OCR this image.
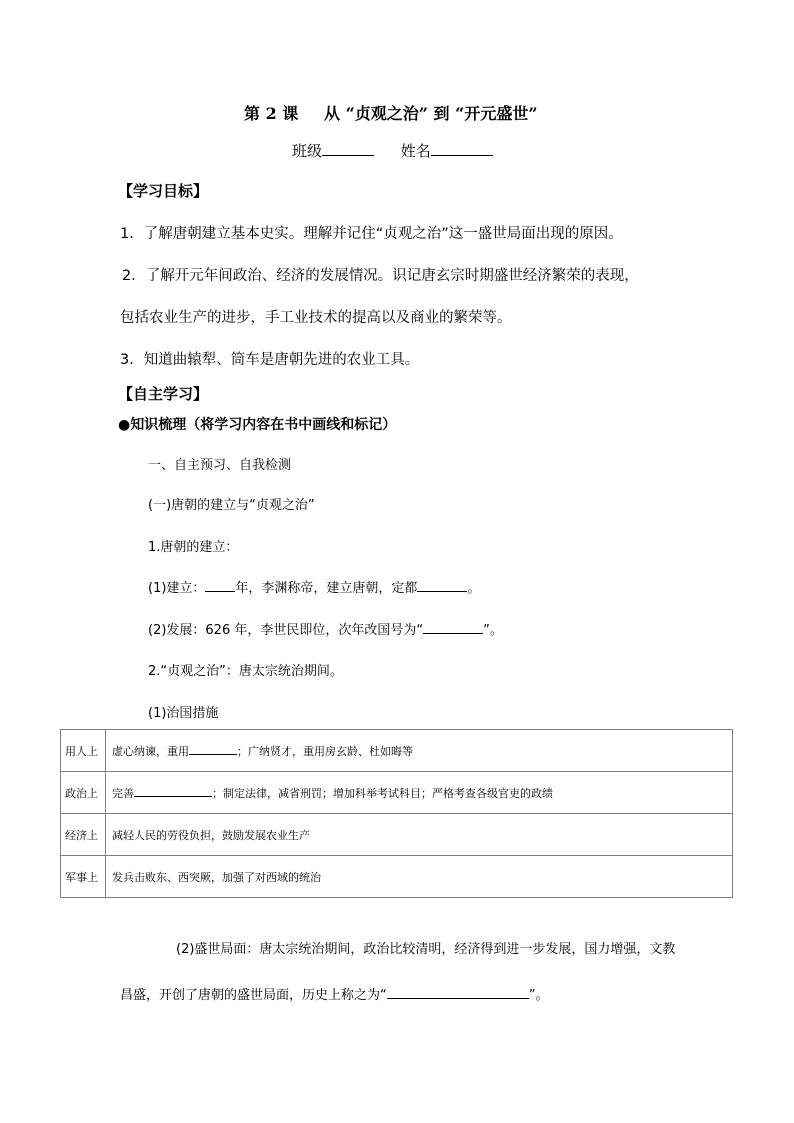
第 2 课 从 “贞观之治” 到 “开元盛世”
班级	姓名
【学习目标】
1．了解唐朝建立基本史实。理解并记住“贞观之治”这一盛世局面出现的原因。
2．了解开元年间政治、经济的发展情况。识记唐玄宗时期盛世经济繁荣的表现，
包括农业生产的进步，手工业技术的提高以及商业的繁荣等。
3．知道曲辕犁、筒车是唐朝先进的农业工具。
【自主学习】
●知识梳理（将学习内容在书中画线和标记）
一、自主预习、自我检测
(一)唐朝的建立与“贞观之治”
1.唐朝的建立：
(1)建立： 年，李渊称帝，建立唐朝，定都	。
(2)发展：626 年，李世民即位，次年改国号为“	”。
2.“贞观之治”：唐太宗统治期间。
(1)治国措施
用人上	虚心纳谏，重用 ；广纳贤才，重用房玄龄、杜如晦等
政治上	完善 ；制定法律，减省刑罚；增加科举考试科目；严格考查各级官吏的政绩
经济上	减轻人民的劳役负担，鼓励发展农业生产
军事上	发兵击败东、西突厥，加强了对西域的统治
(2)盛世局面：唐太宗统治期间，政治比较清明，经济得到进一步发展，国力增强，文教
昌盛，开创了唐朝的盛世局面，历史上称之为“	”。
